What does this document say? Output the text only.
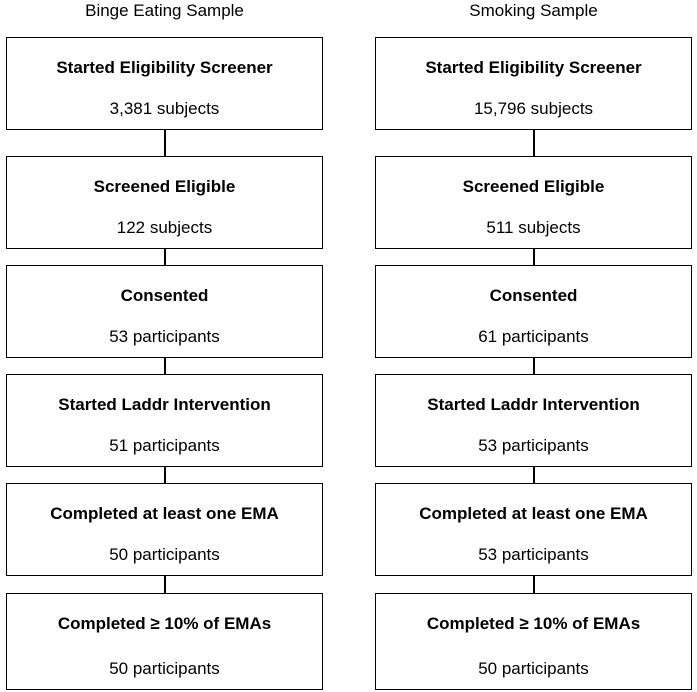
Binge Eating Sample	Smoking Sample
Started Eligibility Screener
3,381 subjects
Screened Eligible
122 subjects
Consented
53 participants
Started Laddr Intervention
51 participants
Completed at least one EMA
50 participants
Completed ≥ 10% of EMAs
50 participants
Started Eligibility Screener
15,796 subjects
Screened Eligible
511 subjects
Consented
61 participants
Started Laddr Intervention
53 participants
Completed at least one EMA
53 participants
Completed ≥ 10% of EMAs
50 participants
